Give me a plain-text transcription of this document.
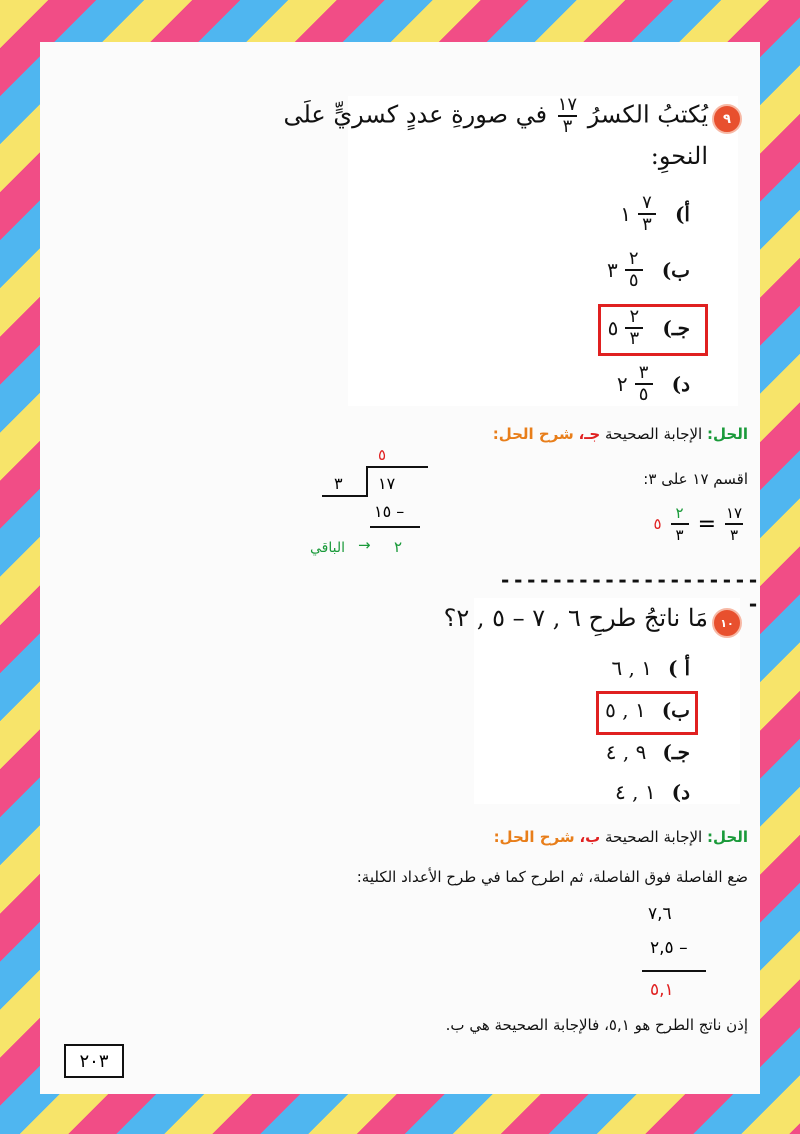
٩
يُكتبُ الكسرُ
$\frac{١٧}{٣}$
في صورةِ عددٍ كسريٍّ علَى
النحوِ:
أ)
$\frac{٧}{٣}$
١
ب)
$\frac{٢}{٥}$
٣
جـ)
$\frac{٢}{٣}$
٥
د)
$\frac{٣}{٥}$
٢
الحل: الإجابة الصحيحة جـ، شرح الحل:
اقسم ١٧ على ٣:
٥
٣ ١٧
– ١٥
٢
→
الباقي
$\frac{١٧}{٣}$
=
$\frac{٢}{٣}$
٥
---------------------
١٠
مَا ناتجُ طرحِ ٦ , ٧ – ٥ , ٢؟
أ )
١ , ٦
ب)
١ , ٥
جـ)
٩ , ٤
د)
١ , ٤
الحل: الإجابة الصحيحة ب، شرح الحل:
ضع الفاصلة فوق الفاصلة، ثم اطرح كما في طرح الأعداد الكلية:
٧,٦
– ٢,٥
٥,١
إذن ناتج الطرح هو ٥,١، فالإجابة الصحيحة هي ب.
٢٠٣
